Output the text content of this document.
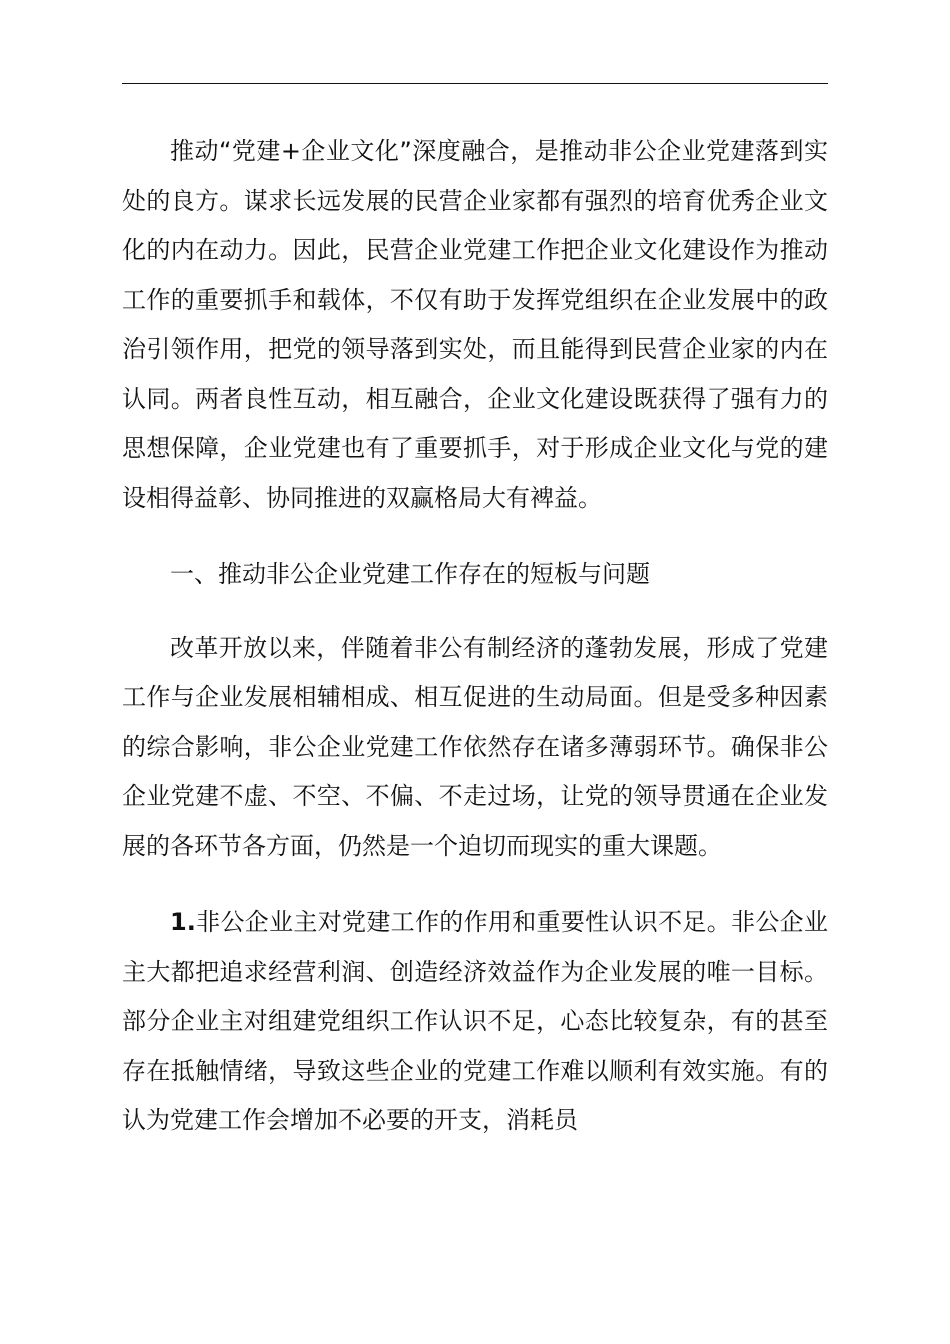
推动“党建+企业文化”深度融合，是推动非公企业党建落到实处的良方。谋求长远发展的民营企业家都有强烈的培育优秀企业文化的内在动力。因此，民营企业党建工作把企业文化建设作为推动工作的重要抓手和载体，不仅有助于发挥党组织在企业发展中的政治引领作用，把党的领导落到实处，而且能得到民营企业家的内在认同。两者良性互动，相互融合，企业文化建设既获得了强有力的思想保障，企业党建也有了重要抓手，对于形成企业文化与党的建设相得益彰、协同推进的双赢格局大有裨益。

一、推动非公企业党建工作存在的短板与问题

改革开放以来，伴随着非公有制经济的蓬勃发展，形成了党建工作与企业发展相辅相成、相互促进的生动局面。但是受多种因素的综合影响，非公企业党建工作依然存在诸多薄弱环节。确保非公企业党建不虚、不空、不偏、不走过场，让党的领导贯通在企业发展的各环节各方面，仍然是一个迫切而现实的重大课题。

1.非公企业主对党建工作的作用和重要性认识不足。非公企业主大都把追求经营利润、创造经济效益作为企业发展的唯一目标。部分企业主对组建党组织工作认识不足，心态比较复杂，有的甚至存在抵触情绪，导致这些企业的党建工作难以顺利有效实施。有的认为党建工作会增加不必要的开支，消耗员
